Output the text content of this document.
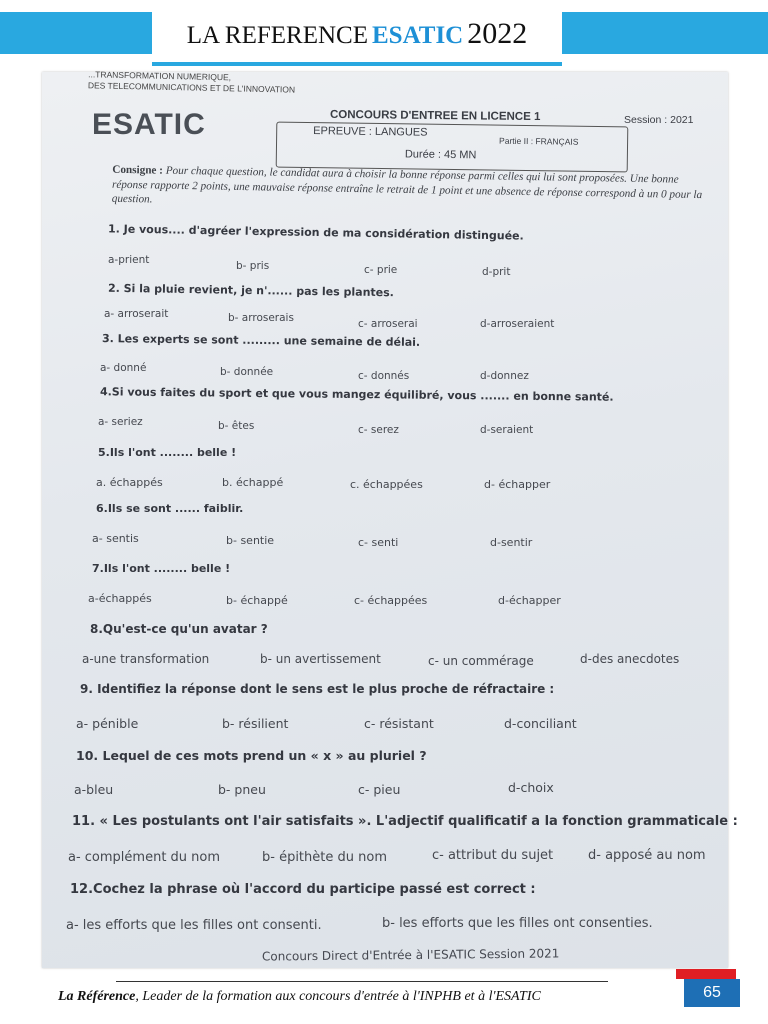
LA REFERENCE ESATIC 2022
...TRANSFORMATION NUMERIQUE,
DES TELECOMMUNICATIONS ET DE L'INNOVATION
ESATIC	CONCOURS D'ENTREE EN LICENCE 1	Session : 2021
EPREUVE : LANGUES
Partie II : FRANÇAIS
Durée : 45 MN
Consigne : Pour chaque question, le candidat aura à choisir la bonne réponse parmi celles qui lui sont proposées. Une bonne réponse rapporte 2 points, une mauvaise réponse entraîne le retrait de 1 point et une absence de réponse correspond à un 0 pour la question.
1. Je vous.... d'agréer l'expression de ma considération distinguée.
a-prient	b- pris	c- prie	d-prit
2. Si la pluie revient, je n'...... pas les plantes.
a- arroserait	b- arroserais	c- arroserai	d-arroseraient
3. Les experts se sont ......... une semaine de délai.
a- donné	b- donnée	c- donnés	d-donnez
4.Si vous faites du sport et que vous mangez équilibré, vous ....... en bonne santé.
a- seriez	b- êtes	c- serez	d-seraient
5.Ils l'ont ........ belle !
a. échappés	b. échappé	c. échappées	d- échapper
6.Ils se sont ...... faiblir.
a- sentis	b- sentie	c- senti	d-sentir
7.Ils l'ont ........ belle !
a-échappés	b- échappé	c- échappées	d-échapper
8.Qu'est-ce qu'un avatar ?
a-une transformation	b- un avertissement	c- un commérage	d-des anecdotes
9. Identifiez la réponse dont le sens est le plus proche de réfractaire :
a- pénible	b- résilient	c- résistant	d-conciliant
10. Lequel de ces mots prend un « x » au pluriel ?
a-bleu	b- pneu	c- pieu	d-choix
11. « Les postulants ont l'air satisfaits ». L'adjectif qualificatif a la fonction grammaticale :
a- complément du nom	b- épithète du nom	c- attribut du sujet	d- apposé au nom
12.Cochez la phrase où l'accord du participe passé est correct :
a- les efforts que les filles ont consenti.	b- les efforts que les filles ont consenties.
Concours Direct d'Entrée à l'ESATIC Session 2021
La Référence, Leader de la formation aux concours d'entrée à l'INPHB et à l'ESATIC	65
